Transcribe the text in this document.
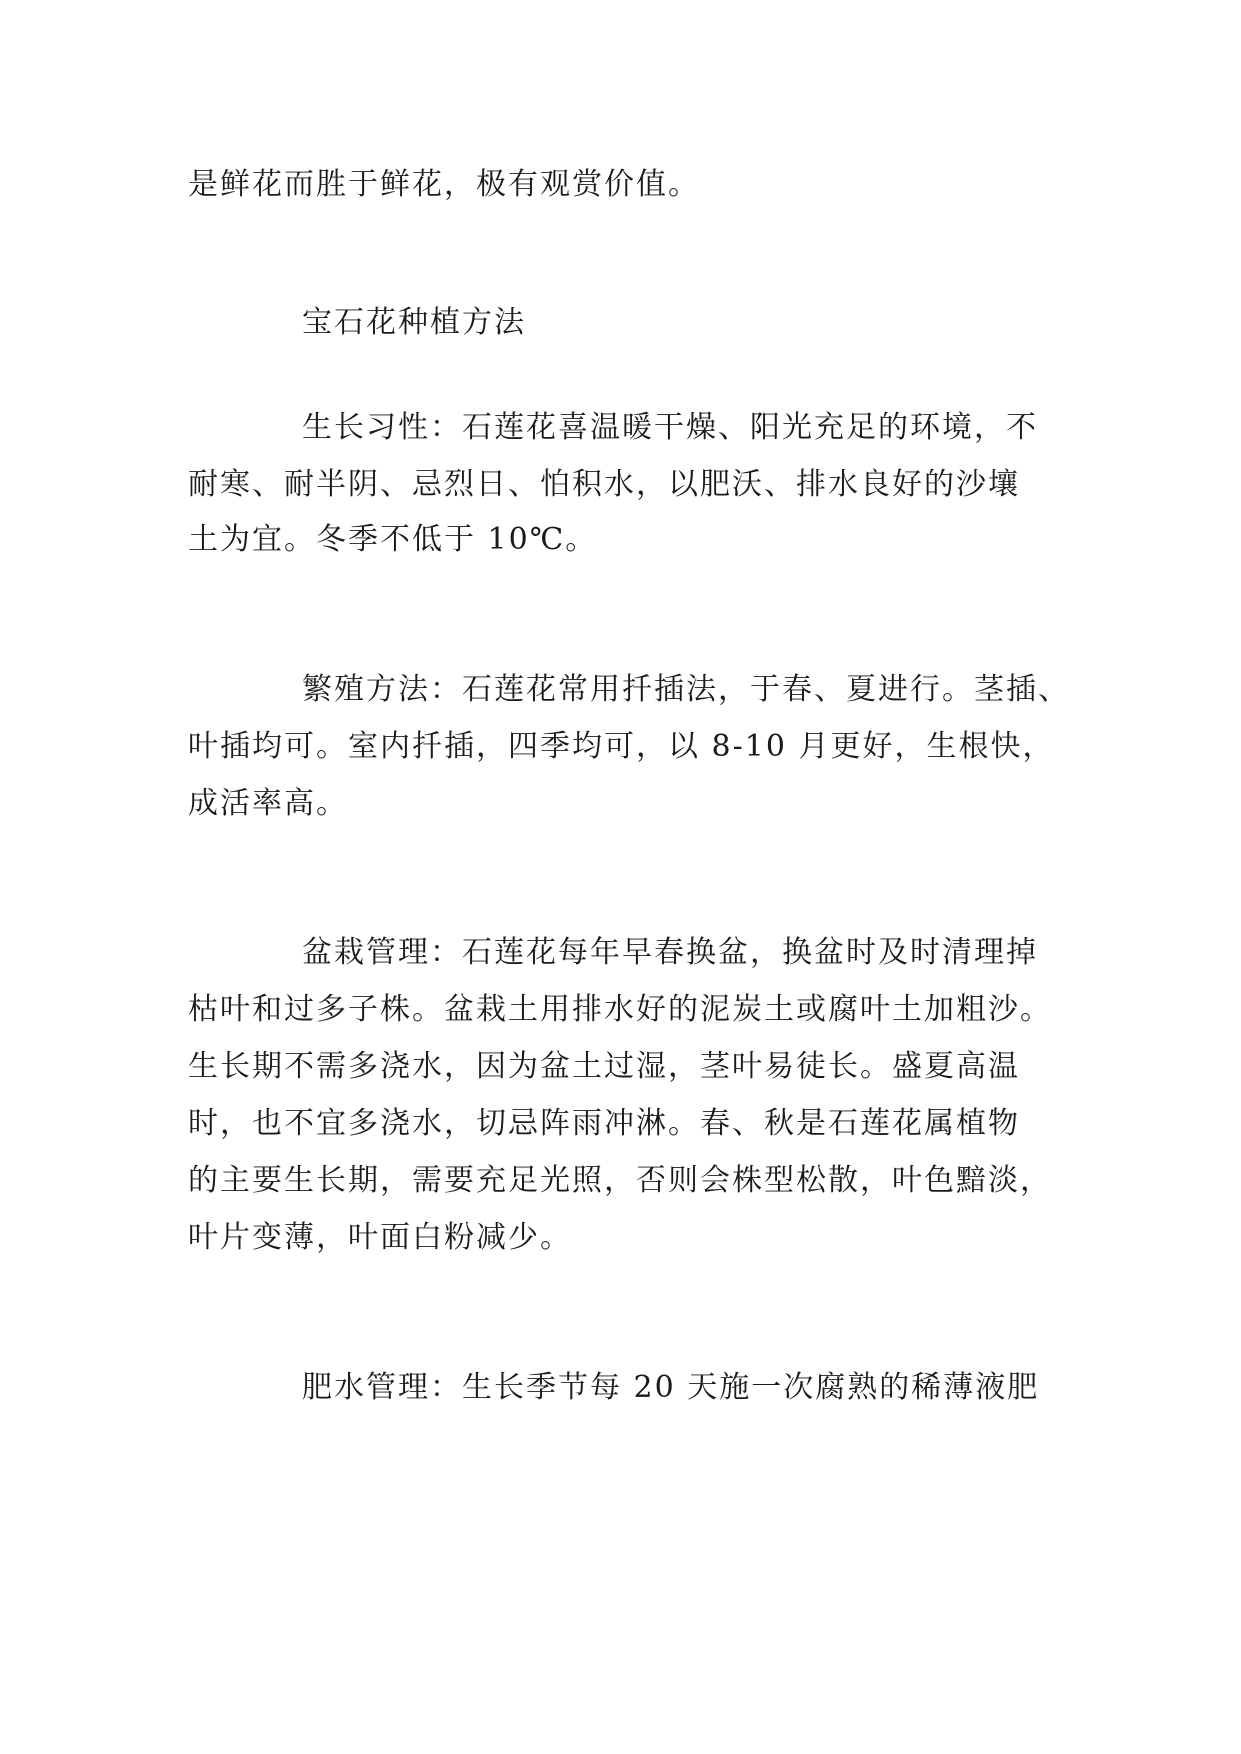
是鲜花而胜于鲜花，极有观赏价值。
宝石花种植方法
生长习性：石莲花喜温暖干燥、阳光充足的环境，不
耐寒、耐半阴、忌烈日、怕积水，以肥沃、排水良好的沙壤
土为宜。冬季不低于 10℃。
繁殖方法：石莲花常用扦插法，于春、夏进行。茎插、
叶插均可。室内扦插，四季均可，以 8-10 月更好，生根快，
成活率高。
盆栽管理：石莲花每年早春换盆，换盆时及时清理掉
枯叶和过多子株。盆栽土用排水好的泥炭土或腐叶土加粗沙。
生长期不需多浇水，因为盆土过湿，茎叶易徒长。盛夏高温
时，也不宜多浇水，切忌阵雨冲淋。春、秋是石莲花属植物
的主要生长期，需要充足光照，否则会株型松散，叶色黯淡，
叶片变薄，叶面白粉减少。
肥水管理：生长季节每 20 天施一次腐熟的稀薄液肥
